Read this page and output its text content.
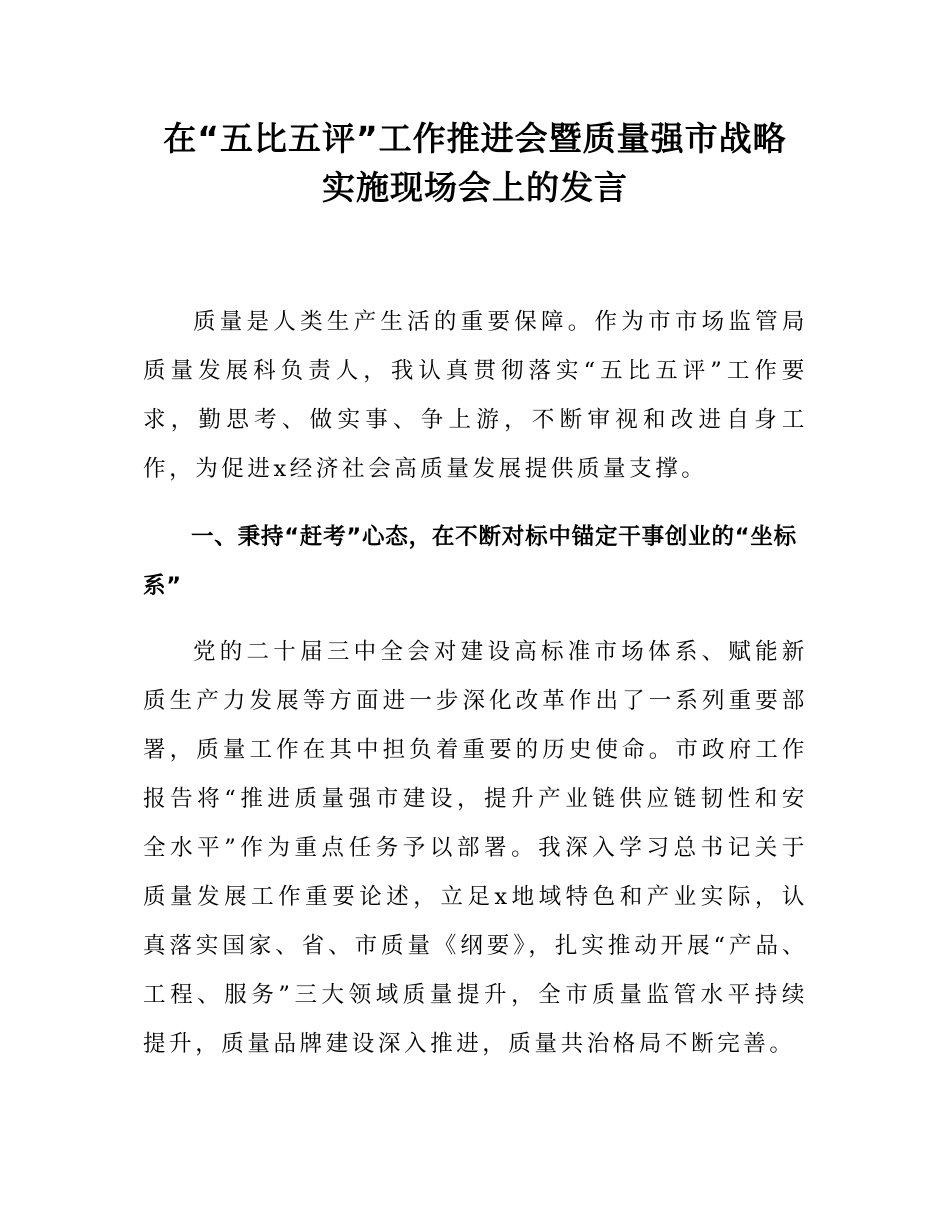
在“五比五评”工作推进会暨质量强市战略
实施现场会上的发言

质量是人类生产生活的重要保障。作为市市场监管局质量发展科负责人，我认真贯彻落实“五比五评”工作要求，勤思考、做实事、争上游，不断审视和改进自身工作，为促进x经济社会高质量发展提供质量支撑。

一、秉持“赶考”心态，在不断对标中锚定干事创业的“坐标系”

党的二十届三中全会对建设高标准市场体系、赋能新质生产力发展等方面进一步深化改革作出了一系列重要部署，质量工作在其中担负着重要的历史使命。市政府工作报告将“推进质量强市建设，提升产业链供应链韧性和安全水平”作为重点任务予以部署。我深入学习总书记关于质量发展工作重要论述，立足x地域特色和产业实际，认真落实国家、省、市质量《纲要》，扎实推动开展“产品、工程、服务”三大领域质量提升，全市质量监管水平持续提升，质量品牌建设深入推进，质量共治格局不断完善。
